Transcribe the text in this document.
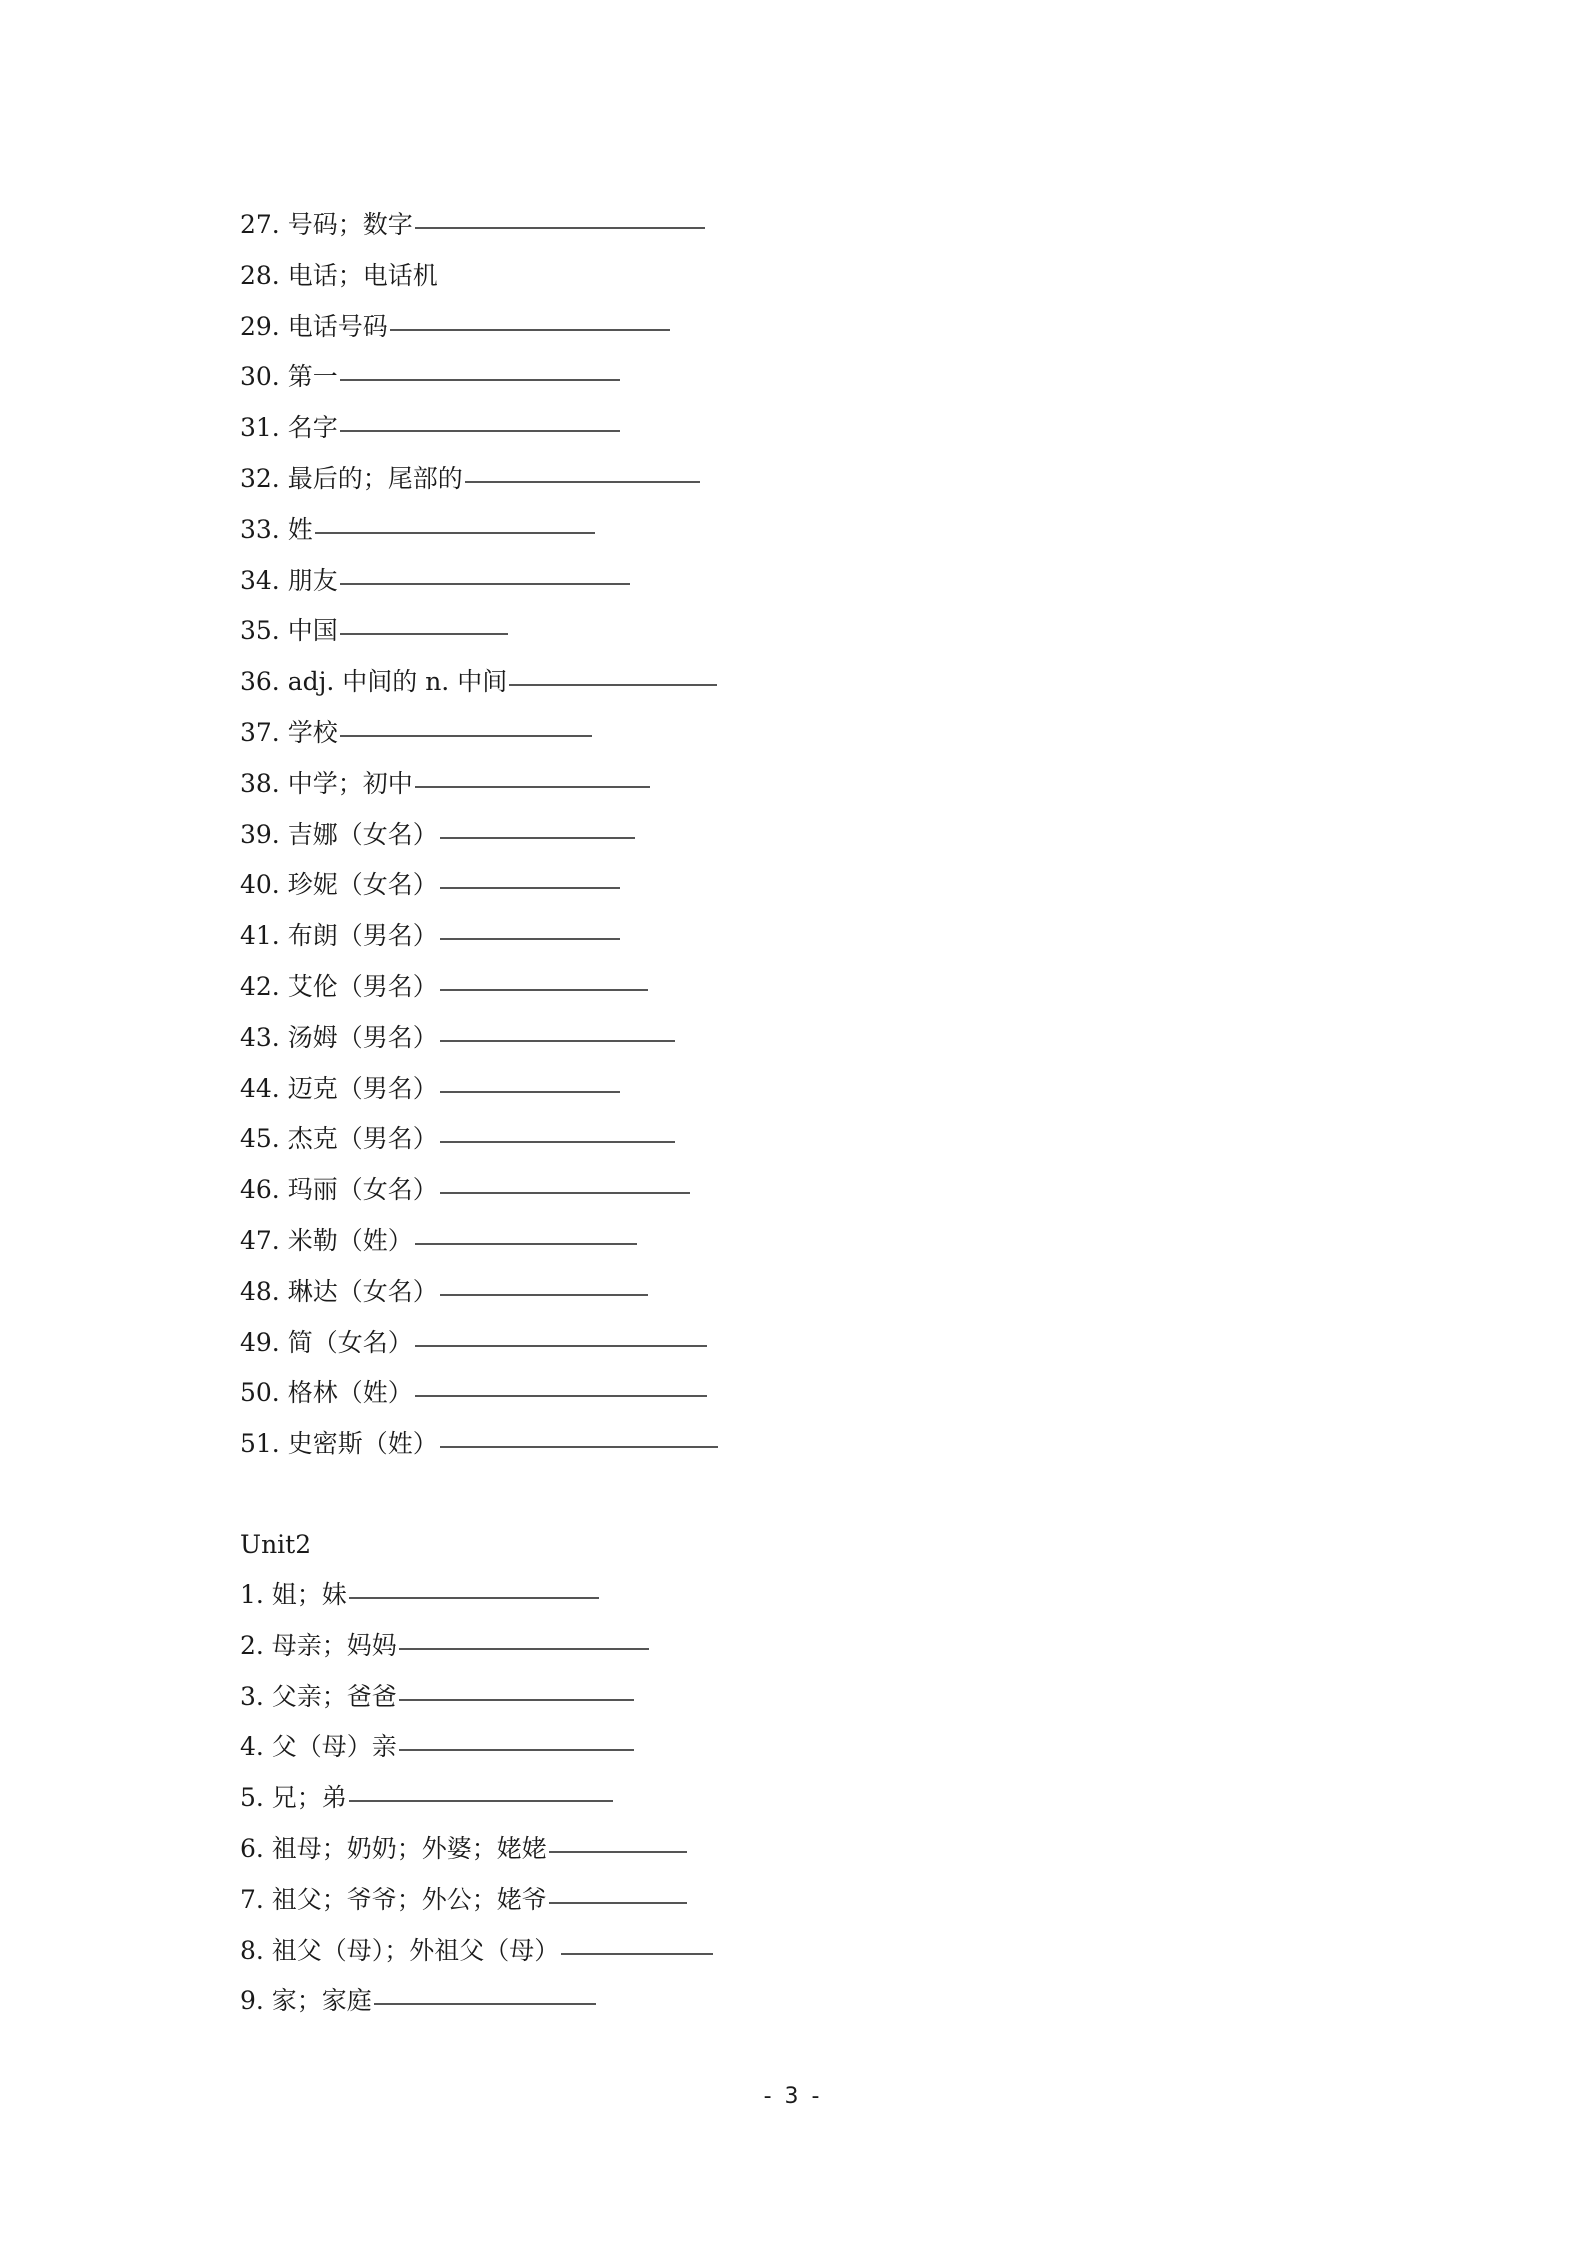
27. 号码；数字
28. 电话；电话机
29. 电话号码
30. 第一
31. 名字
32. 最后的；尾部的
33. 姓
34. 朋友
35. 中国
36. adj. 中间的 n. 中间
37. 学校
38. 中学；初中
39. 吉娜（女名）
40. 珍妮（女名）
41. 布朗（男名）
42. 艾伦（男名）
43. 汤姆（男名）
44. 迈克（男名）
45. 杰克（男名）
46. 玛丽（女名）
47. 米勒（姓）
48. 琳达（女名）
49. 简（女名）
50. 格林（姓）
51. 史密斯（姓）
Unit2
1. 姐；妹
2. 母亲；妈妈
3. 父亲；爸爸
4. 父（母）亲
5. 兄；弟
6. 祖母；奶奶；外婆；姥姥
7. 祖父；爷爷；外公；姥爷
8. 祖父（母）；外祖父（母）
9. 家；家庭
- 3 -
